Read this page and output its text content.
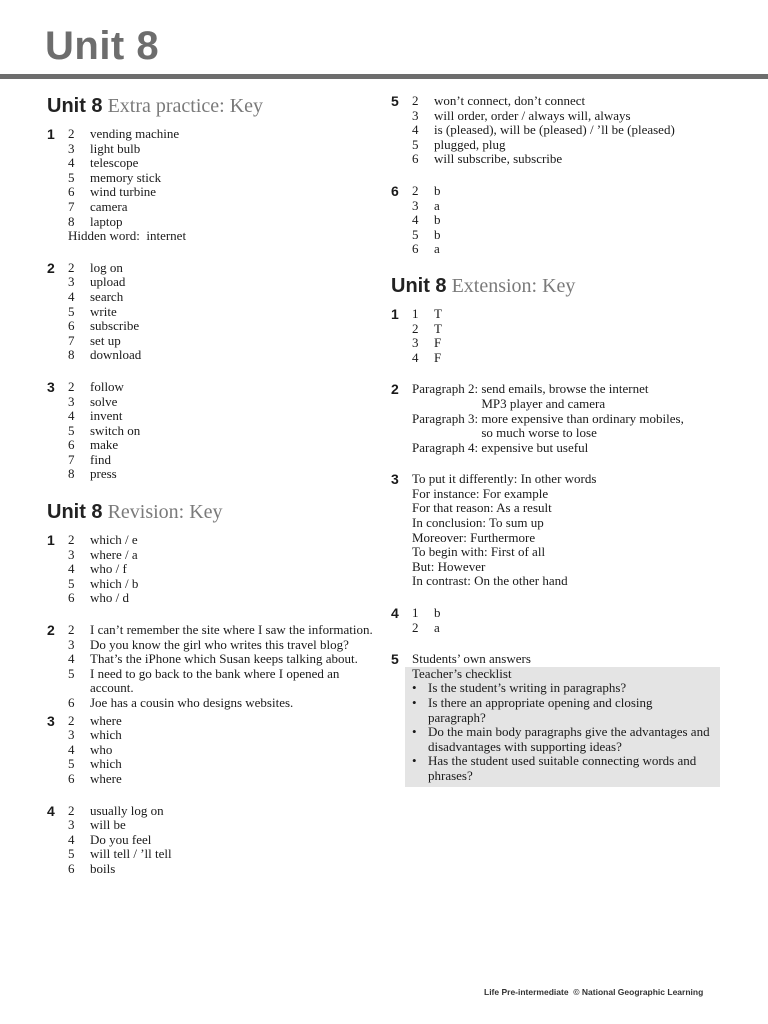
Unit 8
Unit 8 Extra practice: Key
1	2	vending machine
3	light bulb
4	telescope
5	memory stick
6	wind turbine
7	camera
8	laptop
Hidden word:  internet
2	2	log on
3	upload
4	search
5	write
6	subscribe
7	set up
8	download
3	2	follow
3	solve
4	invent
5	switch on
6	make
7	find
8	press
Unit 8 Revision: Key
1	2	which / e
3	where / a
4	who / f
5	which / b
6	who / d
2	2	I can’t remember the site where I saw the information.
3	Do you know the girl who writes this travel blog?
4	That’s the iPhone which Susan keeps talking about.
5	I need to go back to the bank where I opened an account.
6	Joe has a cousin who designs websites.
3	2	where
3	which
4	who
5	which
6	where
4	2	usually log on
3	will be
4	Do you feel
5	will tell / ’ll tell
6	boils
5	2	won’t connect, don’t connect
3	will order, order / always will, always
4	is (pleased), will be (pleased) / ’ll be (pleased)
5	plugged, plug
6	will subscribe, subscribe
6	2	b
3	a
4	b
5	b
6	a
Unit 8 Extension: Key
1	1	T
2	T
3	F
4	F
2	Paragraph 2: send emails, browse the internet
MP3 player and camera
Paragraph 3: more expensive than ordinary mobiles,
so much worse to lose
Paragraph 4: expensive but useful
3	To put it differently: In other words
For instance: For example
For that reason: As a result
In conclusion: To sum up
Moreover: Furthermore
To begin with: First of all
But: However
In contrast: On the other hand
4	1	b
2	a
5	Students’ own answers
Teacher’s checklist
• Is the student’s writing in paragraphs?
• Is there an appropriate opening and closing paragraph?
• Do the main body paragraphs give the advantages and disadvantages with supporting ideas?
• Has the student used suitable connecting words and phrases?
Life Pre-intermediate  © National Geographic Learning
